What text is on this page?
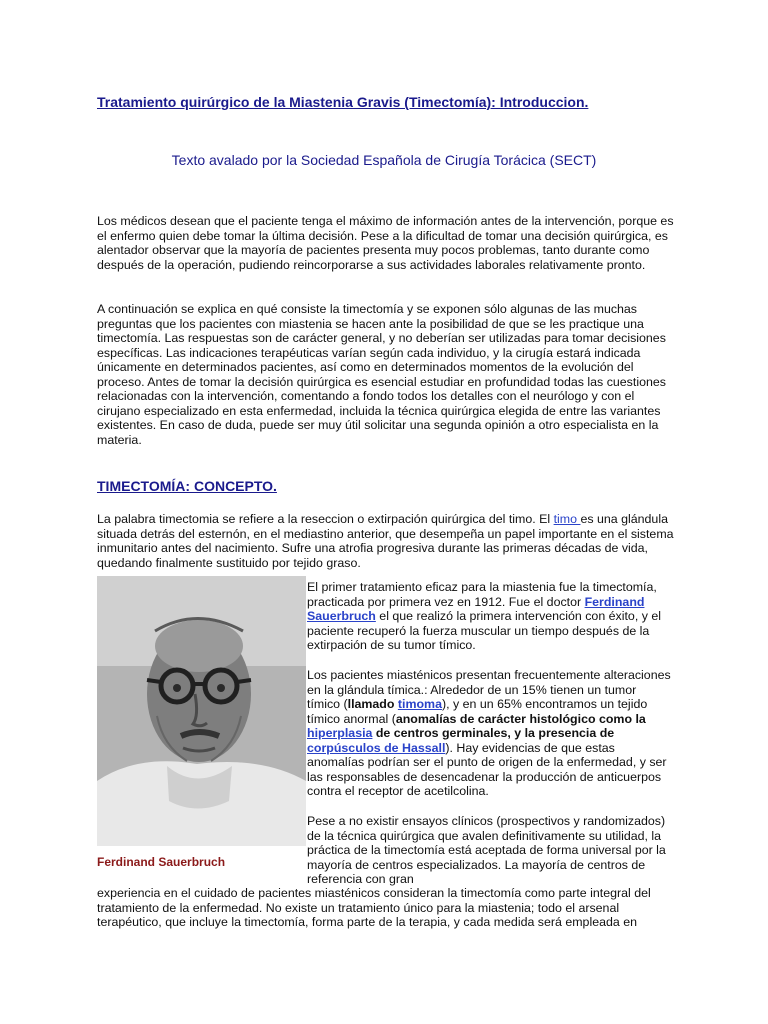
Tratamiento quirúrgico de la Miastenia Gravis (Timectomía): Introduccion.
Texto avalado por la Sociedad Española de Cirugía Torácica (SECT)

Los médicos desean que el paciente tenga el máximo de información antes de la intervención, porque es el enfermo quien debe tomar la última decisión. Pese a la dificultad de tomar una decisión quirúrgica, es alentador observar que la mayoría de pacientes presenta muy pocos problemas, tanto durante como después de la operación, pudiendo reincorporarse a sus actividades laborales relativamente pronto.

A continuación se explica en qué consiste la timectomía y se exponen sólo algunas de las muchas preguntas que los pacientes con miastenia se hacen ante la posibilidad de que se les practique una timectomía. Las respuestas son de carácter general, y no deberían ser utilizadas para tomar decisiones específicas. Las indicaciones terapéuticas varían según cada individuo, y la cirugía estará indicada únicamente en determinados pacientes, así como en determinados momentos de la evolución del proceso. Antes de tomar la decisión quirúrgica es esencial estudiar en profundidad todas las cuestiones relacionadas con la intervención, comentando a fondo todos los detalles con el neurólogo y con el cirujano especializado en esta enfermedad, incluida la técnica quirúrgica elegida de entre las variantes existentes. En caso de duda, puede ser muy útil solicitar una segunda opinión a otro especialista en la materia.

TIMECTOMÍA: CONCEPTO.

La palabra timectomia se refiere a la reseccion o extirpación quirúrgica del timo. El timo es una glándula situada detrás del esternón, en el mediastino anterior, que desempeña un papel importante en el sistema inmunitario antes del nacimiento. Sufre una atrofia progresiva durante las primeras décadas de vida, quedando finalmente sustituido por tejido graso.

Ferdinand Sauerbruch

El primer tratamiento eficaz para la miastenia fue la timectomía, practicada por primera vez en 1912. Fue el doctor Ferdinand Sauerbruch el que realizó la primera intervención con éxito, y el paciente recuperó la fuerza muscular un tiempo después de la extirpación de su tumor tímico.

Los pacientes miasténicos presentan frecuentemente alteraciones en la glándula tímica.: Alrededor de un 15% tienen un tumor tímico (llamado timoma), y en un 65% encontramos un tejido tímico anormal (anomalías de carácter histológico como la hiperplasia de centros germinales, y la presencia de corpúsculos de Hassall). Hay evidencias de que estas anomalías podrían ser el punto de origen de la enfermedad, y ser las responsables de desencadenar la producción de anticuerpos contra el receptor de acetilcolina.

Pese a no existir ensayos clínicos (prospectivos y randomizados) de la técnica quirúrgica que avalen definitivamente su utilidad, la práctica de la timectomía está aceptada de forma universal por la mayoría de centros especializados. La mayoría de centros de referencia con gran

experiencia en el cuidado de pacientes miasténicos consideran la timectomía como parte integral del tratamiento de la enfermedad. No existe un tratamiento único para la miastenia; todo el arsenal terapéutico, que incluye la timectomía, forma parte de la terapia, y cada medida será empleada en
